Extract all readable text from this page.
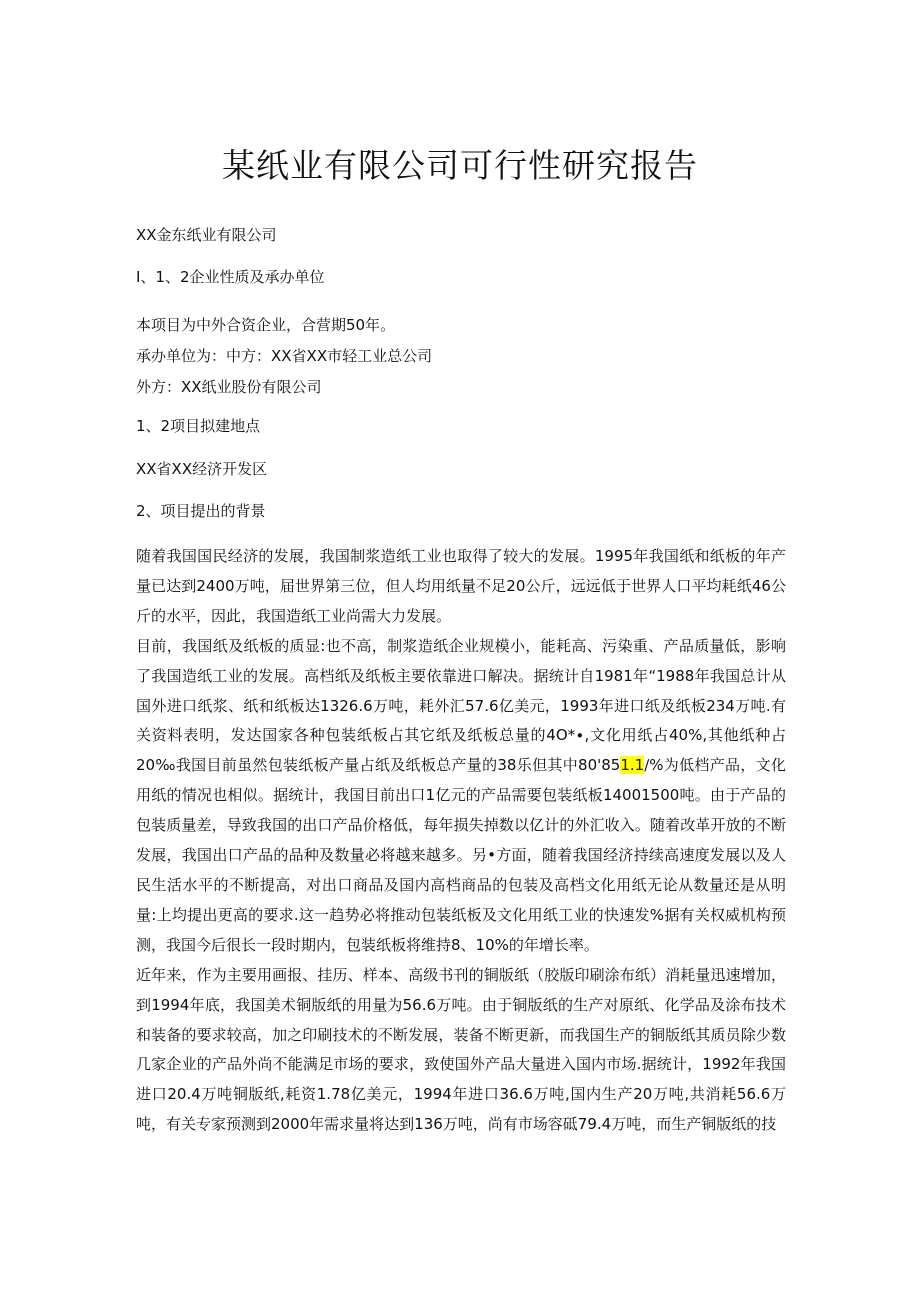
某纸业有限公司可行性研究报告
XX金东纸业有限公司
I、1、2企业性质及承办单位
本项目为中外合资企业，合营期50年。
承办单位为：中方：XX省XX市轻工业总公司
外方：XX纸业股份有限公司
1、2项目拟建地点
XX省XX经济开发区
2、项目提出的背景

随着我国国民经济的发展，我国制浆造纸工业也取得了较大的发展。1995年我国纸和纸板的年产量已达到2400万吨，届世界第三位，但人均用纸量不足20公斤，远远低于世界人口平均耗纸46公斤的水平，因此，我国造纸工业尚需大力发展。

目前，我国纸及纸板的质显:也不高，制浆造纸企业规模小，能耗高、污染重、产品质量低，影响了我国造纸工业的发展。高档纸及纸板主要依靠进口解决。据统计自1981年“1988年我国总计从国外进口纸浆、纸和纸板达1326.6万吨，耗外汇57.6亿美元，1993年进口纸及纸板234万吨.有关资料表明，发达国家各种包装纸板占其它纸及纸板总量的4O*∙,文化用纸占40%,其他纸种占20‰我国目前虽然包装纸板产量占纸及纸板总产量的38乐但其中80'851.1∕%为低档产品，文化用纸的情况也相似。据统计，我国目前出口1亿元的产品需要包装纸板14001500吨。由于产品的包装质量差，导致我国的出口产品价格低，每年损失掉数以亿计的外汇收入。随着改革开放的不断发展，我国出口产品的品种及数量必将越来越多。另•方面，随着我国经济持续高速度发展以及人民生活水平的不断提高，对出口商品及国内高档商品的包装及高档文化用纸无论从数量还是从明量:上均提出更高的要求.这一趋势必将推动包装纸板及文化用纸工业的快速发%据有关权威机构预测，我国今后很长一段时期内，包装纸板将维持8、10%的年增长率。

近年来，作为主要用画报、挂历、样本、高级书刊的铜版纸（胶版印刷涂布纸）消耗量迅速增加，到1994年底，我国美术铜版纸的用量为56.6万吨。由于铜版纸的生产对原纸、化学品及涂布技术和装备的要求较高，加之印刷技术的不断发展，装备不断更新，而我国生产的铜版纸其质员除少数几家企业的产品外尚不能满足市场的要求，致使国外产品大量进入国内市场.据统计，1992年我国进口20.4万吨铜版纸,耗资1.78亿美元，1994年进口36.6万吨,国内生产20万吨,共消耗56.6万吨，有关专家预测到2000年需求量将达到136万吨，尚有市场容砥79.4万吨，而生产铜版纸的技
